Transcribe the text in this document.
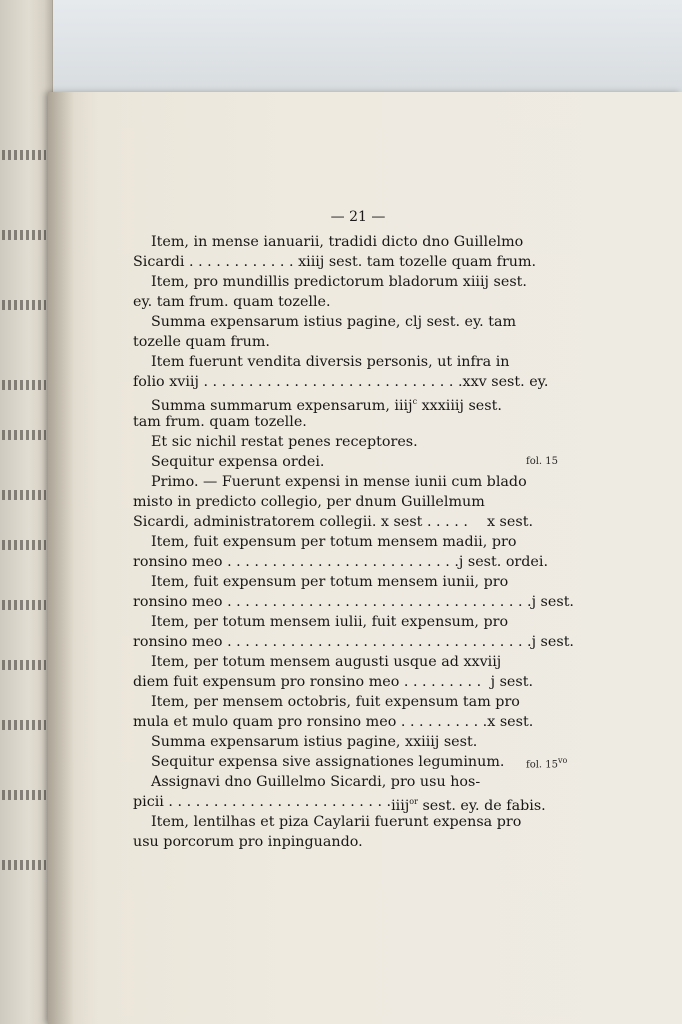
— 21 —
Item, in mense ianuarii, tradidi dicto dno Guillelmo
Sicardi . . . . . . . . . . . . xiiij sest. tam tozelle quam frum.
Item, pro mundillis predictorum bladorum xiiij sest.
ey. tam frum. quam tozelle.
Summa expensarum istius pagine, clj sest. ey. tam
tozelle quam frum.
Item fuerunt vendita diversis personis, ut infra in
folio xviij . . . . . . . . . . . . . . . . . . . . . . . . . . . . . xxv sest. ey.
Summa summarum expensarum, iiij$^c$ xxxiiij sest.
tam frum. quam tozelle.
Et sic nichil restat penes receptores.
Sequitur expensa ordei.
Primo. — Fuerunt expensi in mense iunii cum blado
misto in predicto collegio, per dnum Guillelmum
Sicardi, administratorem collegii. x sest . . . . . x sest.
Item, fuit expensum per totum mensem madii, pro
ronsino meo . . . . . . . . . . . . . . . . . . . . . . . . . . j sest. ordei.
Item, fuit expensum per totum mensem iunii, pro
ronsino meo . . . . . . . . . . . . . . . . . . . . . . . . . . . . . . . . . . j sest.
Item, per totum mensem iulii, fuit expensum, pro
ronsino meo . . . . . . . . . . . . . . . . . . . . . . . . . . . . . . . . . . j sest.
Item, per totum mensem augusti usque ad xxviij
diem fuit expensum pro ronsino meo . . . . . . . . . j sest.
Item, per mensem octobris, fuit expensum tam pro
mula et mulo quam pro ronsino meo . . . . . . . . . . x sest.
Summa expensarum istius pagine, xxiiij sest.
Sequitur expensa sive assignationes leguminum.
Assignavi dno Guillelmo Sicardi, pro usu hos-
picii . . . . . . . . . . . . . . . . . . . . . . . . . iiij$^{or}$ sest. ey. de fabis.
Item, lentilhas et piza Caylarii fuerunt expensa pro
usu porcorum pro inpinguando.
fol. 15
fol. $15^{vo}$
